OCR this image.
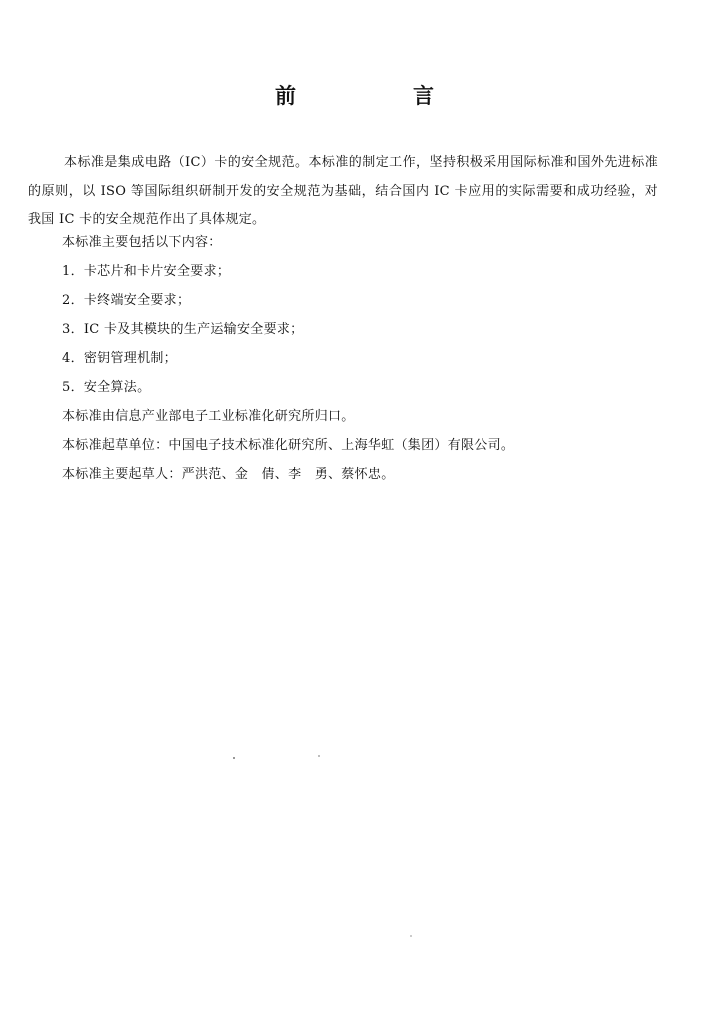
前　言

本标准是集成电路（IC）卡的安全规范。本标准的制定工作，坚持积极采用国际标准和国外先进标准的原则，以 ISO 等国际组织研制开发的安全规范为基础，结合国内 IC 卡应用的实际需要和成功经验，对我国 IC 卡的安全规范作出了具体规定。

本标准主要包括以下内容：
1．卡芯片和卡片安全要求；
2．卡终端安全要求；
3．IC 卡及其模块的生产运输安全要求；
4．密钥管理机制；
5．安全算法。
本标准由信息产业部电子工业标准化研究所归口。
本标准起草单位：中国电子技术标准化研究所、上海华虹（集团）有限公司。
本标准主要起草人：严洪范、金　倩、李　勇、蔡怀忠。
